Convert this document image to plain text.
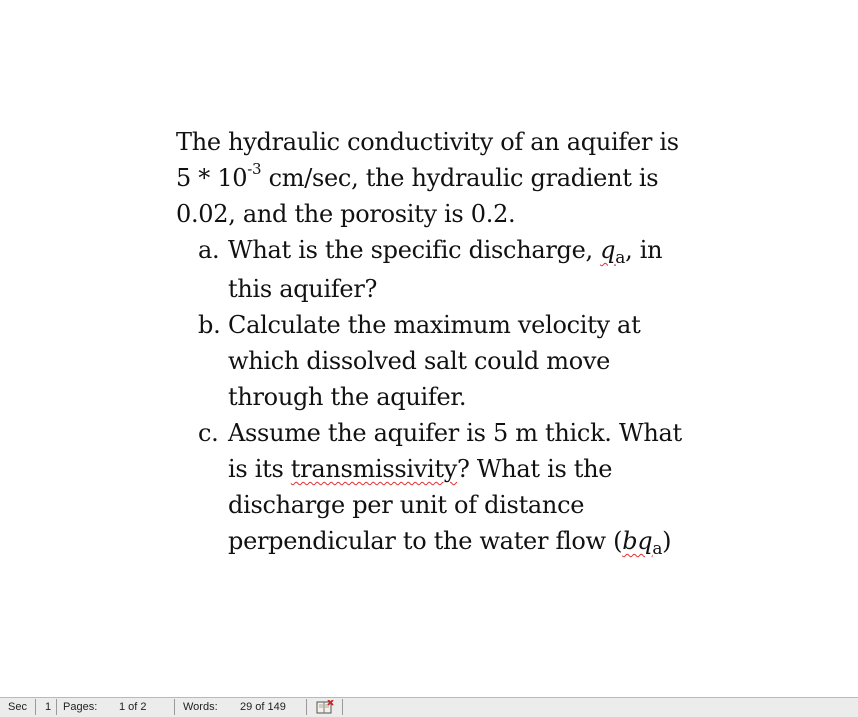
The hydraulic conductivity of an aquifer is
$5 * 10^{-3}$ cm/sec, the hydraulic gradient is
0.02, and the porosity is 0.2.

a. What is the specific discharge, $q_a$, in
this aquifer?
b. Calculate the maximum velocity at
which dissolved salt could move
through the aquifer.
c. Assume the aquifer is 5 m thick. What
is its transmissivity? What is the
discharge per unit of distance
perpendicular to the water flow $(bq_a)$
Sec 1 Pages: 1 of 2	Words: 29 of 149
